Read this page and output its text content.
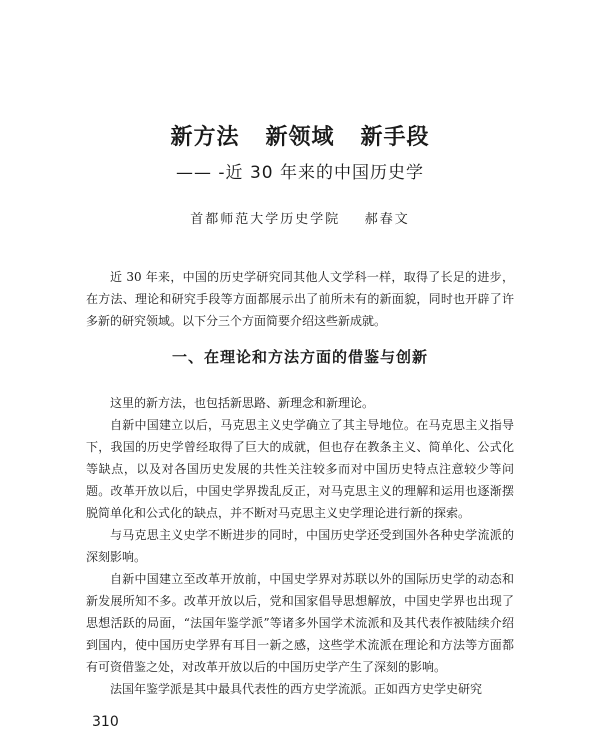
新方法   新领域   新手段
—— -近 30 年来的中国历史学
首都师范大学历史学院    郝春文

近 30 年来，中国的历史学研究同其他人文学科一样，取得了长足的进步，在方法、理论和研究手段等方面都展示出了前所未有的新面貌，同时也开辟了许多新的研究领域。以下分三个方面简要介绍这些新成就。

一、在理论和方法方面的借鉴与创新

这里的新方法，也包括新思路、新理念和新理论。

自新中国建立以后，马克思主义史学确立了其主导地位。在马克思主义指导下，我国的历史学曾经取得了巨大的成就，但也存在教条主义、简单化、公式化等缺点，以及对各国历史发展的共性关注较多而对中国历史特点注意较少等问题。改革开放以后，中国史学界拨乱反正，对马克思主义的理解和运用也逐渐摆脱简单化和公式化的缺点，并不断对马克思主义史学理论进行新的探索。

与马克思主义史学不断进步的同时，中国历史学还受到国外各种史学流派的深刻影响。

自新中国建立至改革开放前，中国史学界对苏联以外的国际历史学的动态和新发展所知不多。改革开放以后，党和国家倡导思想解放，中国史学界也出现了思想活跃的局面，“法国年鉴学派”等诸多外国学术流派和及其代表作被陆续介绍到国内，使中国历史学界有耳目一新之感，这些学术流派在理论和方法等方面都有可资借鉴之处，对改革开放以后的中国历史学产生了深刻的影响。

法国年鉴学派是其中最具代表性的西方史学流派。正如西方史学史研究

310
